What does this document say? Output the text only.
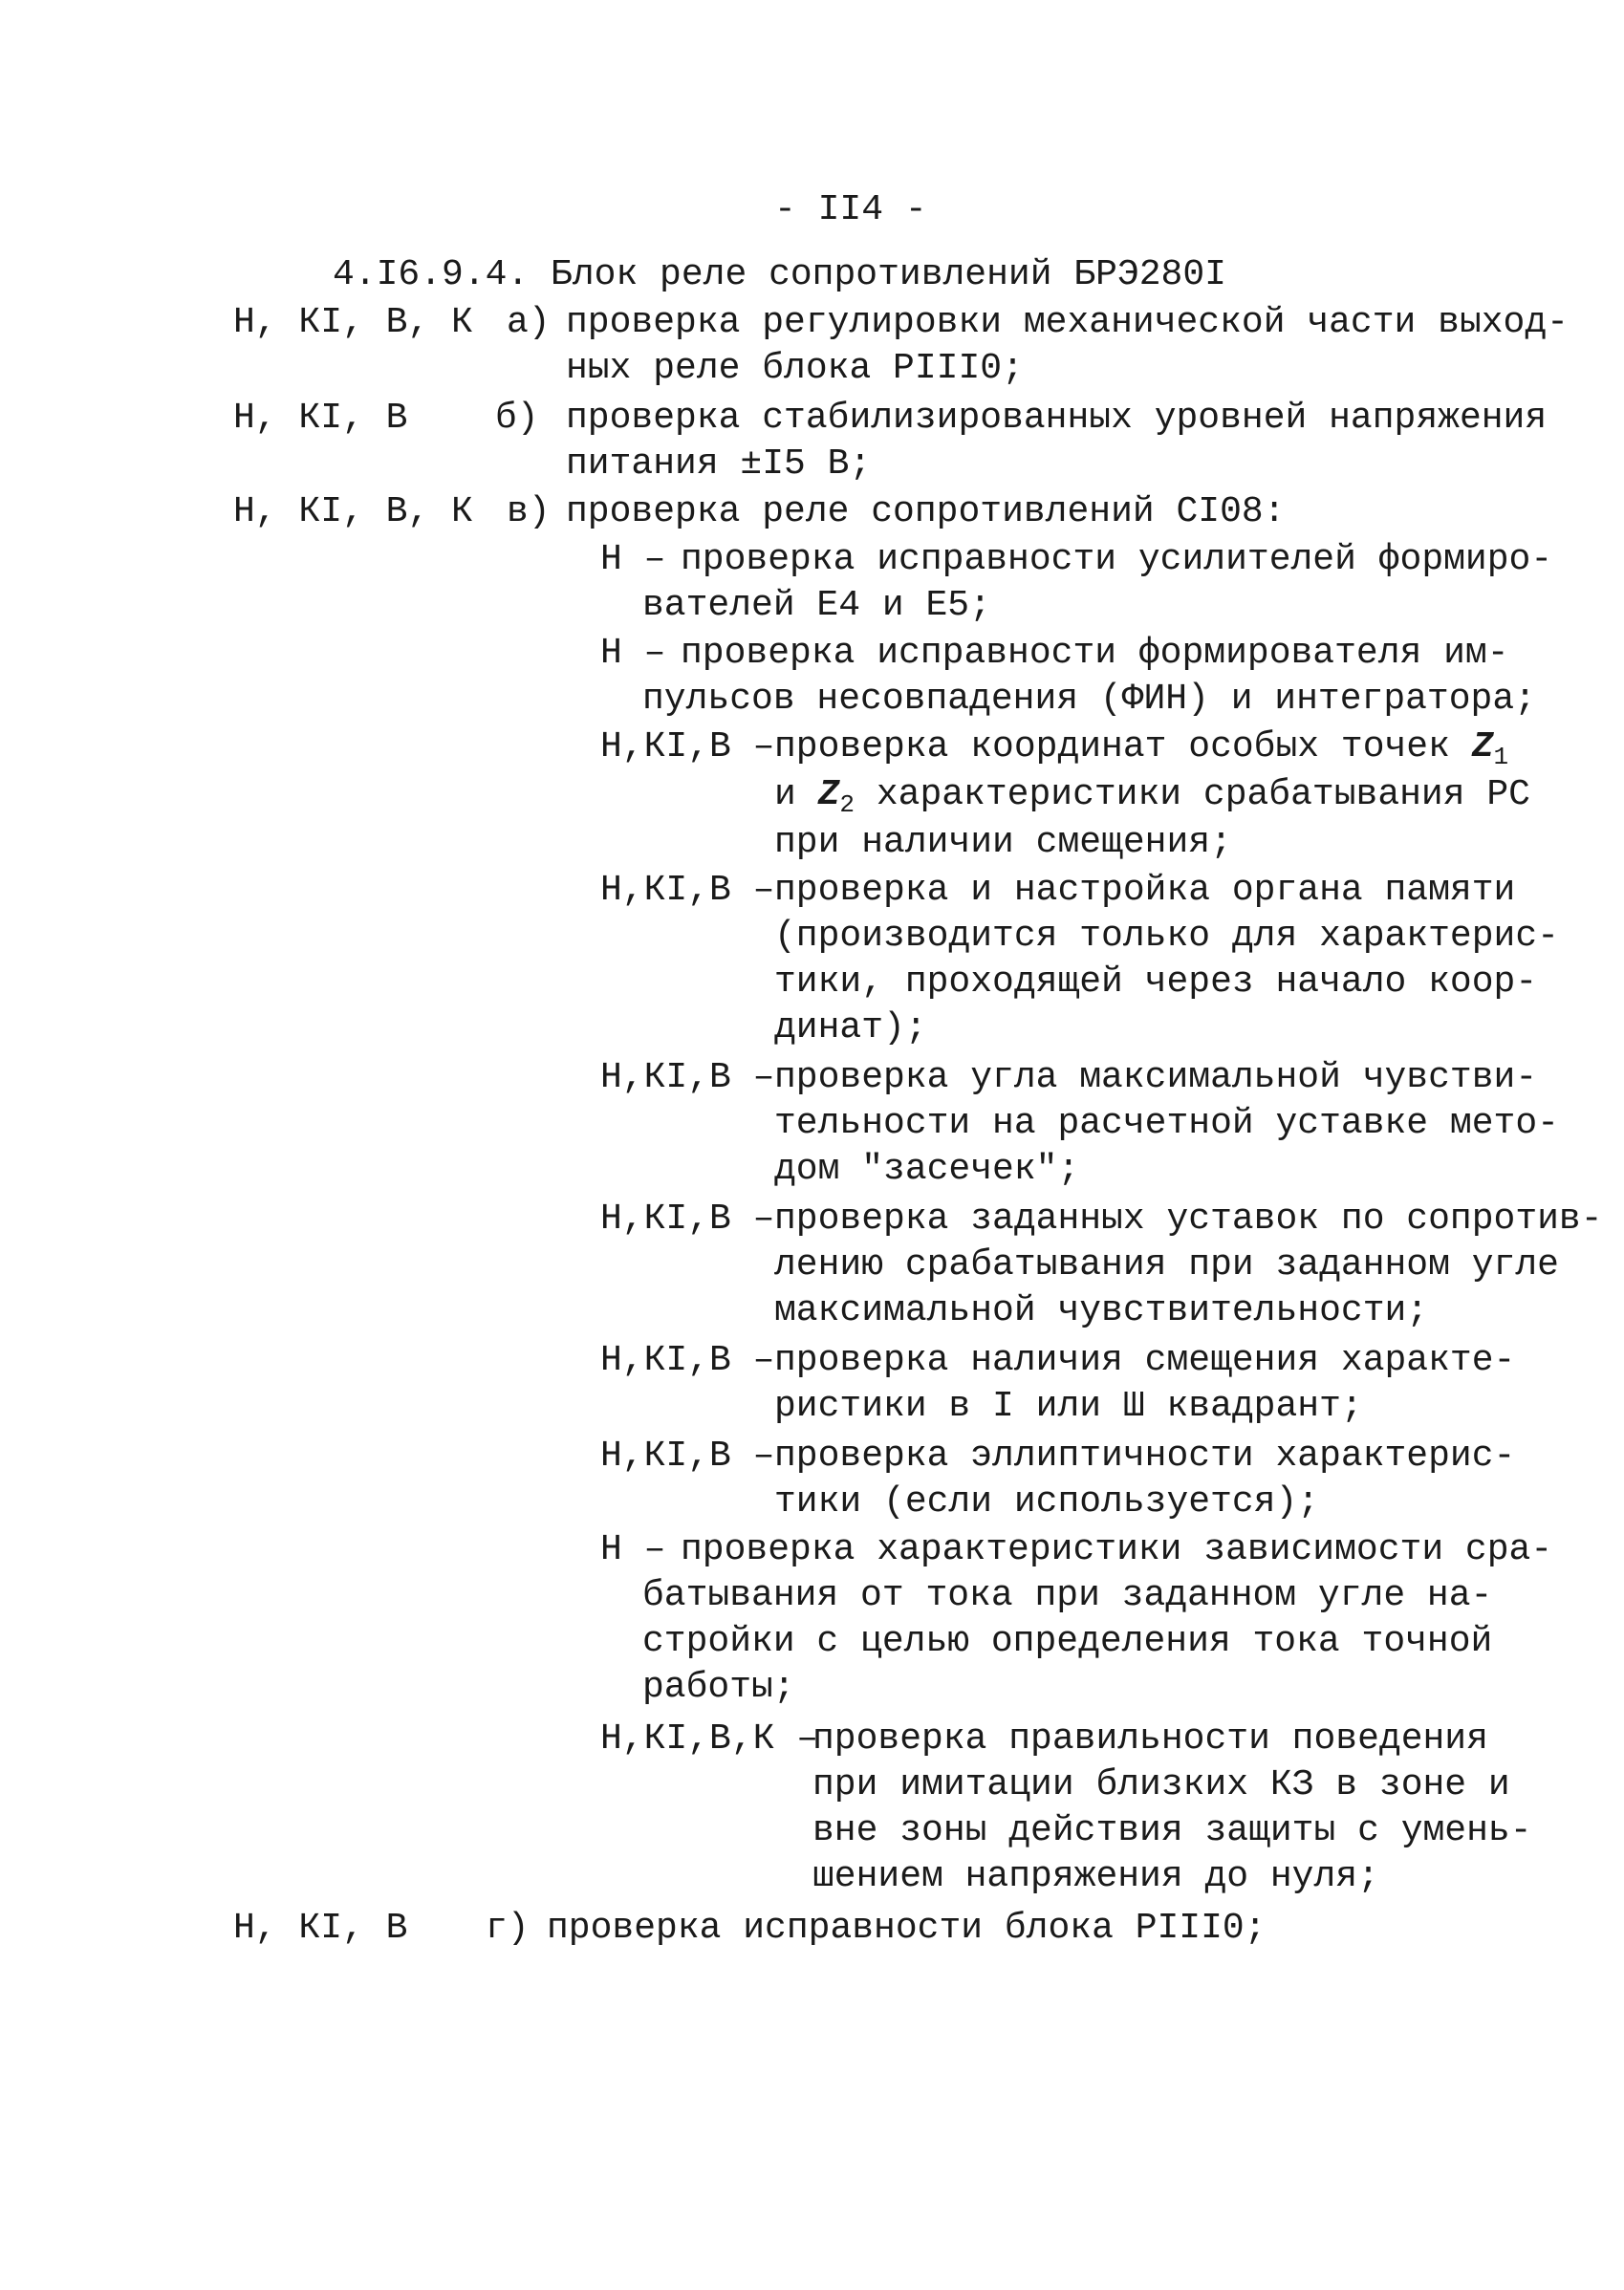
- II4 -
4.I6.9.4. Блок реле сопротивлений БРЭ280I
Н, КI, В, К а) проверка регулировки механической части выход-
ных реле блока РIII0;
Н, КI, В б) проверка стабилизированных уровней напряжения
питания ±I5 В;
Н, КI, В, К в) проверка реле сопротивлений СI08:
Н – проверка исправности усилителей формиро-
вателей Е4 и Е5;
Н – проверка исправности формирователя им-
пульсов несовпадения (ФИН) и интегратора;
Н,КI,В – проверка координат особых точек $Z_1$
и $Z_2$ характеристики срабатывания РС
при наличии смещения;
Н,КI,В – проверка и настройка органа памяти
(производится только для характерис-
тики, проходящей через начало коор-
динат);
Н,КI,В – проверка угла максимальной чувстви-
тельности на расчетной уставке мето-
дом "засечек";
Н,КI,В – проверка заданных уставок по сопротив-
лению срабатывания при заданном угле
максимальной чувствительности;
Н,КI,В – проверка наличия смещения характе-
ристики в I или Ш квадрант;
Н,КI,В – проверка эллиптичности характерис-
тики (если используется);
Н – проверка характеристики зависимости сра-
батывания от тока при заданном угле на-
стройки с целью определения тока точной
работы;
Н,КI,В,К –
проверка правильности поведения
при имитации близких КЗ в зоне и
вне зоны действия защиты с умень-
шением напряжения до нуля;
Н, КI, В г) проверка исправности блока РIII0;
